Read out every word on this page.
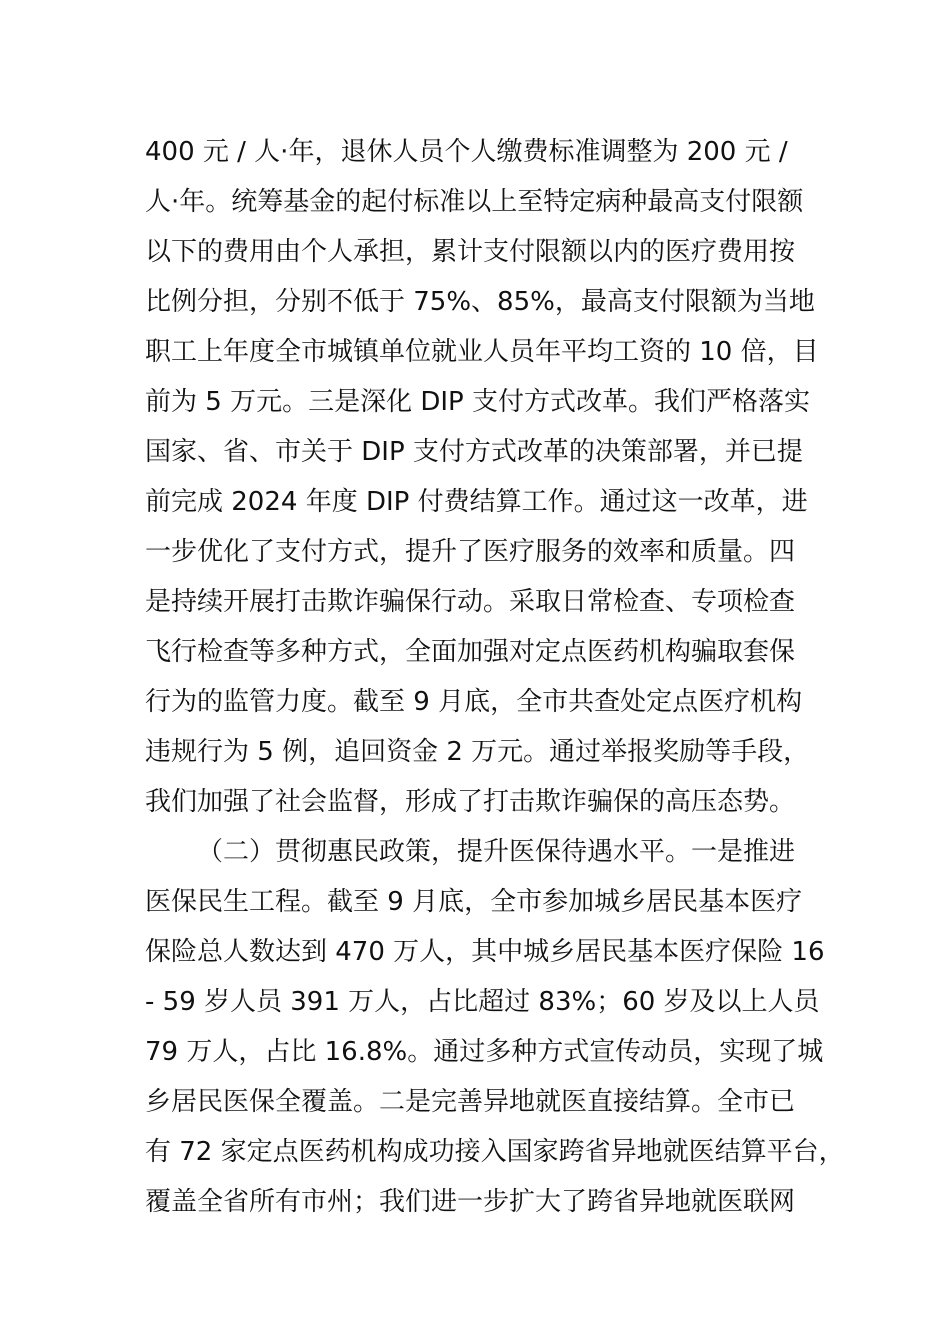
400 元 / 人·年，退休人员个人缴费标准调整为 200 元 /
人·年。统筹基金的起付标准以上至特定病种最高支付限额
以下的费用由个人承担，累计支付限额以内的医疗费用按
比例分担，分别不低于 75%、85%，最高支付限额为当地
职工上年度全市城镇单位就业人员年平均工资的 10 倍，目
前为 5 万元。三是深化 DIP 支付方式改革。我们严格落实
国家、省、市关于 DIP 支付方式改革的决策部署，并已提
前完成 2024 年度 DIP 付费结算工作。通过这一改革，进
一步优化了支付方式，提升了医疗服务的效率和质量。四
是持续开展打击欺诈骗保行动。采取日常检查、专项检查
飞行检查等多种方式，全面加强对定点医药机构骗取套保
行为的监管力度。截至 9 月底，全市共查处定点医疗机构
违规行为 5 例，追回资金 2 万元。通过举报奖励等手段，
我们加强了社会监督，形成了打击欺诈骗保的高压态势。
（二）贯彻惠民政策，提升医保待遇水平。一是推进
医保民生工程。截至 9 月底，全市参加城乡居民基本医疗
保险总人数达到 470 万人，其中城乡居民基本医疗保险 16
- 59 岁人员 391 万人，占比超过 83%；60 岁及以上人员
79 万人，占比 16.8%。通过多种方式宣传动员，实现了城
乡居民医保全覆盖。二是完善异地就医直接结算。全市已
有 72 家定点医药机构成功接入国家跨省异地就医结算平台，
覆盖全省所有市州；我们进一步扩大了跨省异地就医联网
